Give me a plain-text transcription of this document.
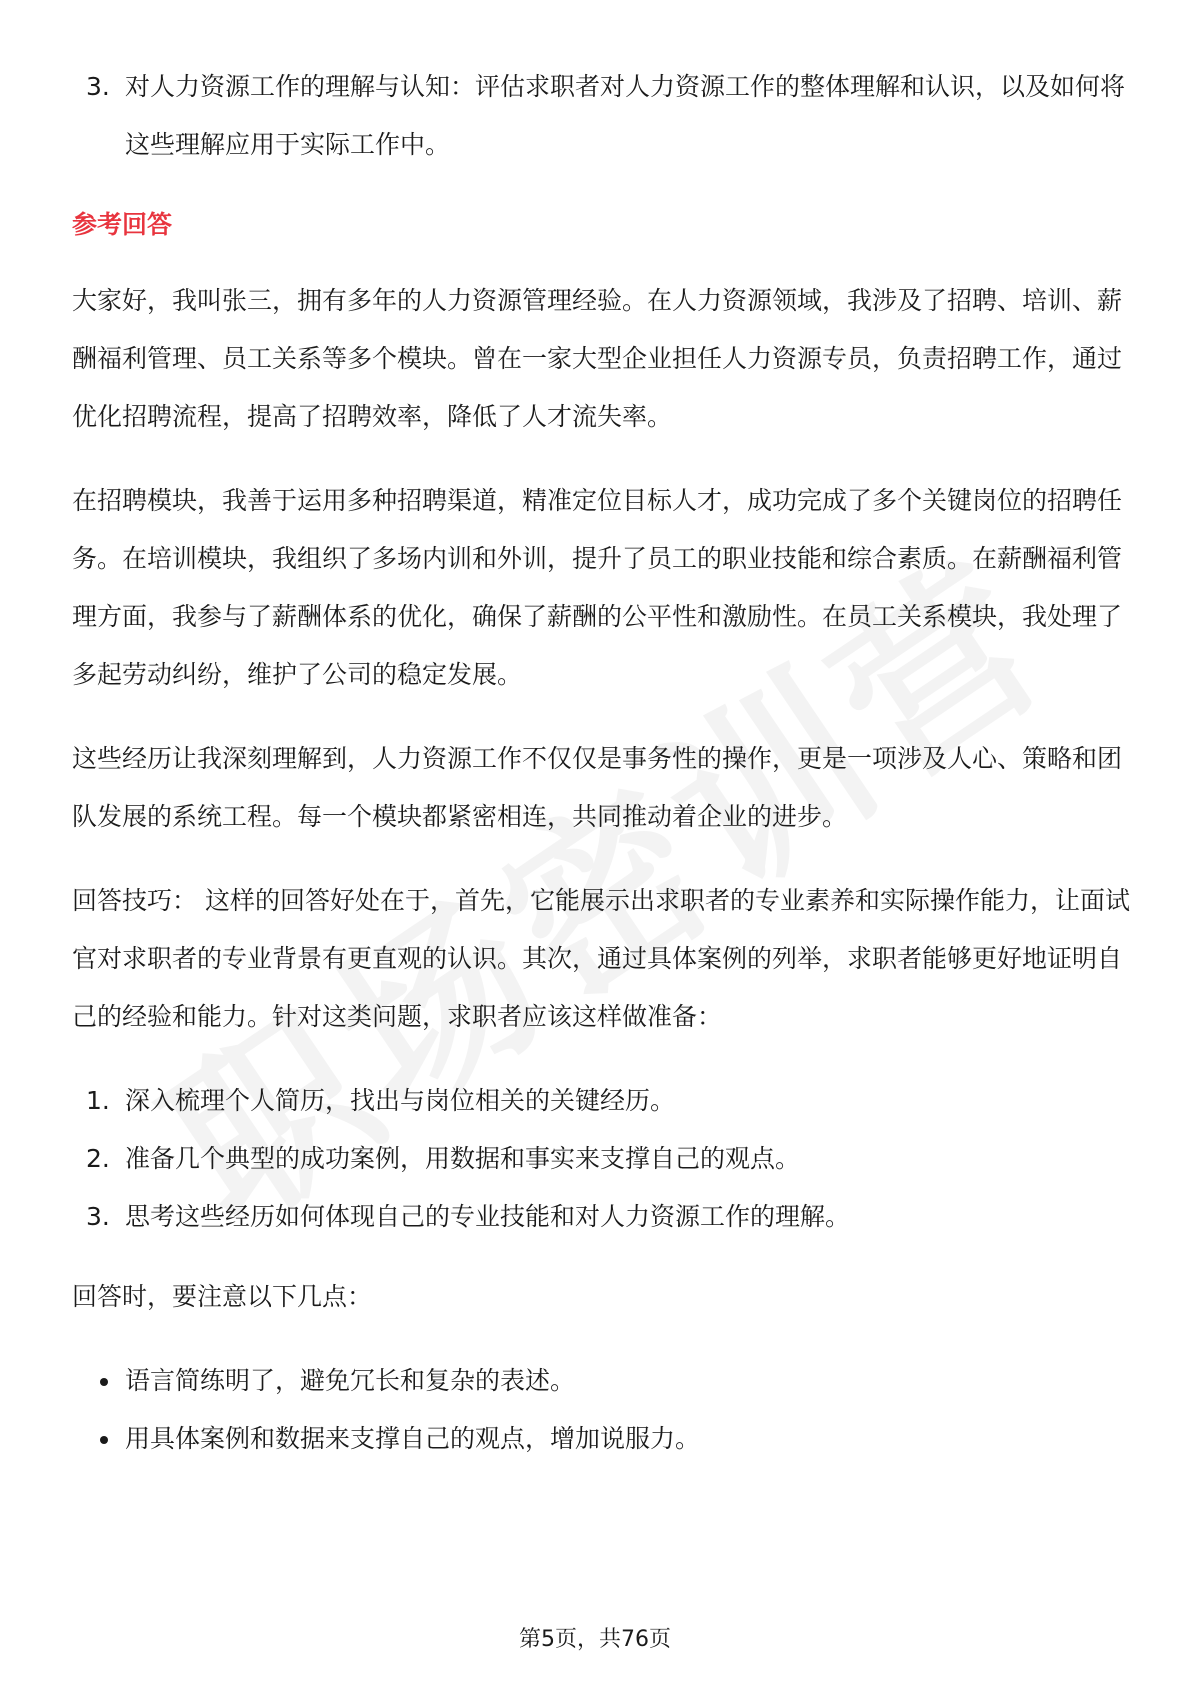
3. 对人力资源工作的理解与认知：评估求职者对人力资源工作的整体理解和认识，以及如何将这些理解应用于实际工作中。
参考回答

大家好，我叫张三，拥有多年的人力资源管理经验。在人力资源领域，我涉及了招聘、培训、薪酬福利管理、员工关系等多个模块。曾在一家大型企业担任人力资源专员，负责招聘工作，通过优化招聘流程，提高了招聘效率，降低了人才流失率。

在招聘模块，我善于运用多种招聘渠道，精准定位目标人才，成功完成了多个关键岗位的招聘任务。在培训模块，我组织了多场内训和外训，提升了员工的职业技能和综合素质。在薪酬福利管理方面，我参与了薪酬体系的优化，确保了薪酬的公平性和激励性。在员工关系模块，我处理了多起劳动纠纷，维护了公司的稳定发展。

这些经历让我深刻理解到，人力资源工作不仅仅是事务性的操作，更是一项涉及人心、策略和团队发展的系统工程。每一个模块都紧密相连，共同推动着企业的进步。

回答技巧： 这样的回答好处在于，首先，它能展示出求职者的专业素养和实际操作能力，让面试官对求职者的专业背景有更直观的认识。其次，通过具体案例的列举，求职者能够更好地证明自己的经验和能力。针对这类问题，求职者应该这样做准备：

1. 深入梳理个人简历，找出与岗位相关的关键经历。
2. 准备几个典型的成功案例，用数据和事实来支撑自己的观点。
3. 思考这些经历如何体现自己的专业技能和对人力资源工作的理解。

回答时，要注意以下几点：

语言简练明了，避免冗长和复杂的表述。
用具体案例和数据来支撑自己的观点，增加说服力。
第5页，共76页
